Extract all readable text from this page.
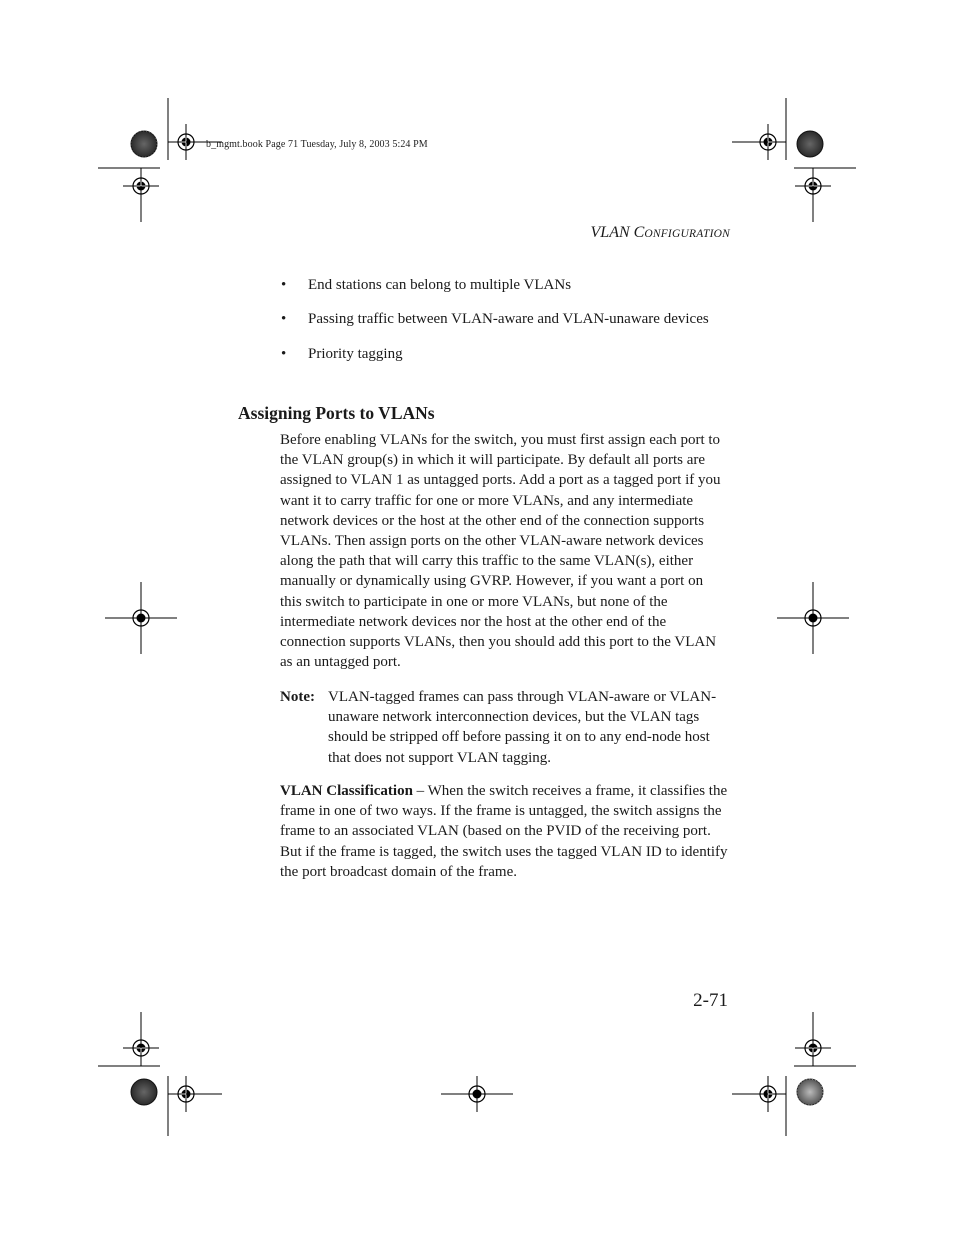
b_mgmt.book Page 71 Tuesday, July 8, 2003 5:24 PM
VLAN CONFIGURATION
• End stations can belong to multiple VLANs
• Passing traffic between VLAN-aware and VLAN-unaware devices
• Priority tagging
Assigning Ports to VLANs

Before enabling VLANs for the switch, you must first assign each port to the VLAN group(s) in which it will participate. By default all ports are assigned to VLAN 1 as untagged ports. Add a port as a tagged port if you want it to carry traffic for one or more VLANs, and any intermediate network devices or the host at the other end of the connection supports VLANs. Then assign ports on the other VLAN-aware network devices along the path that will carry this traffic to the same VLAN(s), either manually or dynamically using GVRP. However, if you want a port on this switch to participate in one or more VLANs, but none of the intermediate network devices nor the host at the other end of the connection supports VLANs, then you should add this port to the VLAN as an untagged port.

Note: VLAN-tagged frames can pass through VLAN-aware or VLAN-unaware network interconnection devices, but the VLAN tags should be stripped off before passing it on to any end-node host that does not support VLAN tagging.

VLAN Classification – When the switch receives a frame, it classifies the frame in one of two ways. If the frame is untagged, the switch assigns the frame to an associated VLAN (based on the PVID of the receiving port. But if the frame is tagged, the switch uses the tagged VLAN ID to identify the port broadcast domain of the frame.

2-71
